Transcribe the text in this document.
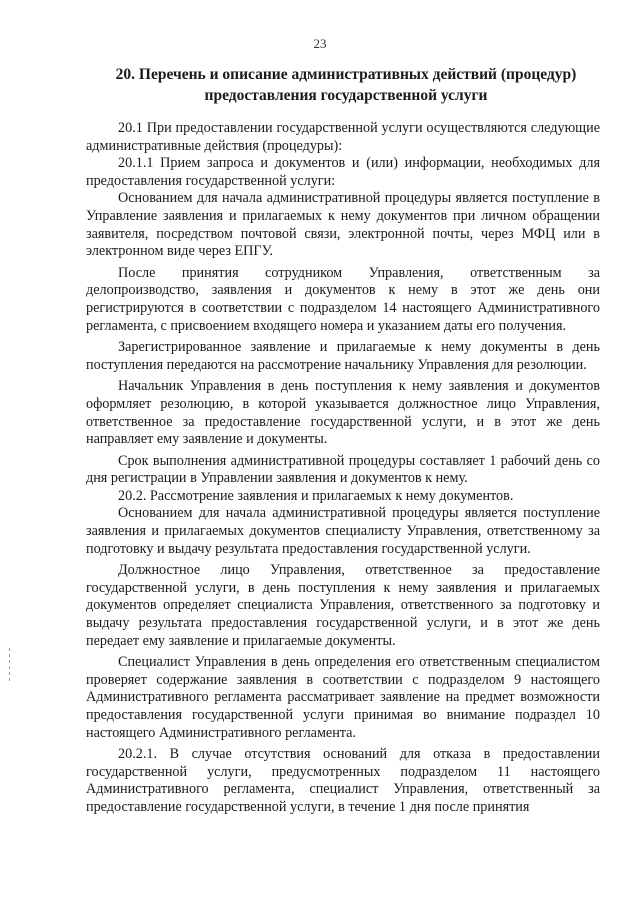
23
20. Перечень и описание административных действий (процедур)
предоставления государственной услуги

20.1 При предоставлении государственной услуги осуществляются следующие административные действия (процедуры):

20.1.1 Прием запроса и документов и (или) информации, необходимых для предоставления государственной услуги:

Основанием для начала административной процедуры является поступление в Управление заявления и прилагаемых к нему документов при личном обращении заявителя, посредством почтовой связи, электронной почты, через МФЦ или в электронном виде через ЕПГУ.

После принятия сотрудником Управления, ответственным за делопроизводство, заявления и документов к нему в этот же день они регистрируются в соответствии с подразделом 14 настоящего Административного регламента, с присвоением входящего номера и указанием даты его получения.

Зарегистрированное заявление и прилагаемые к нему документы в день поступления передаются на рассмотрение начальнику Управления для резолюции.

Начальник Управления в день поступления к нему заявления и документов оформляет резолюцию, в которой указывается должностное лицо Управления, ответственное за предоставление государственной услуги, и в этот же день направляет ему заявление и документы.

Срок выполнения административной процедуры составляет 1 рабочий день со дня регистрации в Управлении заявления и документов к нему.

20.2. Рассмотрение заявления и прилагаемых к нему документов.

Основанием для начала административной процедуры является поступление заявления и прилагаемых документов специалисту Управления, ответственному за подготовку и выдачу результата предоставления государственной услуги.

Должностное лицо Управления, ответственное за предоставление государственной услуги, в день поступления к нему заявления и прилагаемых документов определяет специалиста Управления, ответственного за подготовку и выдачу результата предоставления государственной услуги, и в этот же день передает ему заявление и прилагаемые документы.

Специалист Управления в день определения его ответственным специалистом проверяет содержание заявления в соответствии с подразделом 9 настоящего Административного регламента рассматривает заявление на предмет возможности предоставления государственной услуги принимая во внимание подраздел 10 настоящего Административного регламента.

20.2.1. В случае отсутствия оснований для отказа в предоставлении государственной услуги, предусмотренных подразделом 11 настоящего Административного регламента, специалист Управления, ответственный за предоставление государственной услуги, в течение 1 дня после принятия
